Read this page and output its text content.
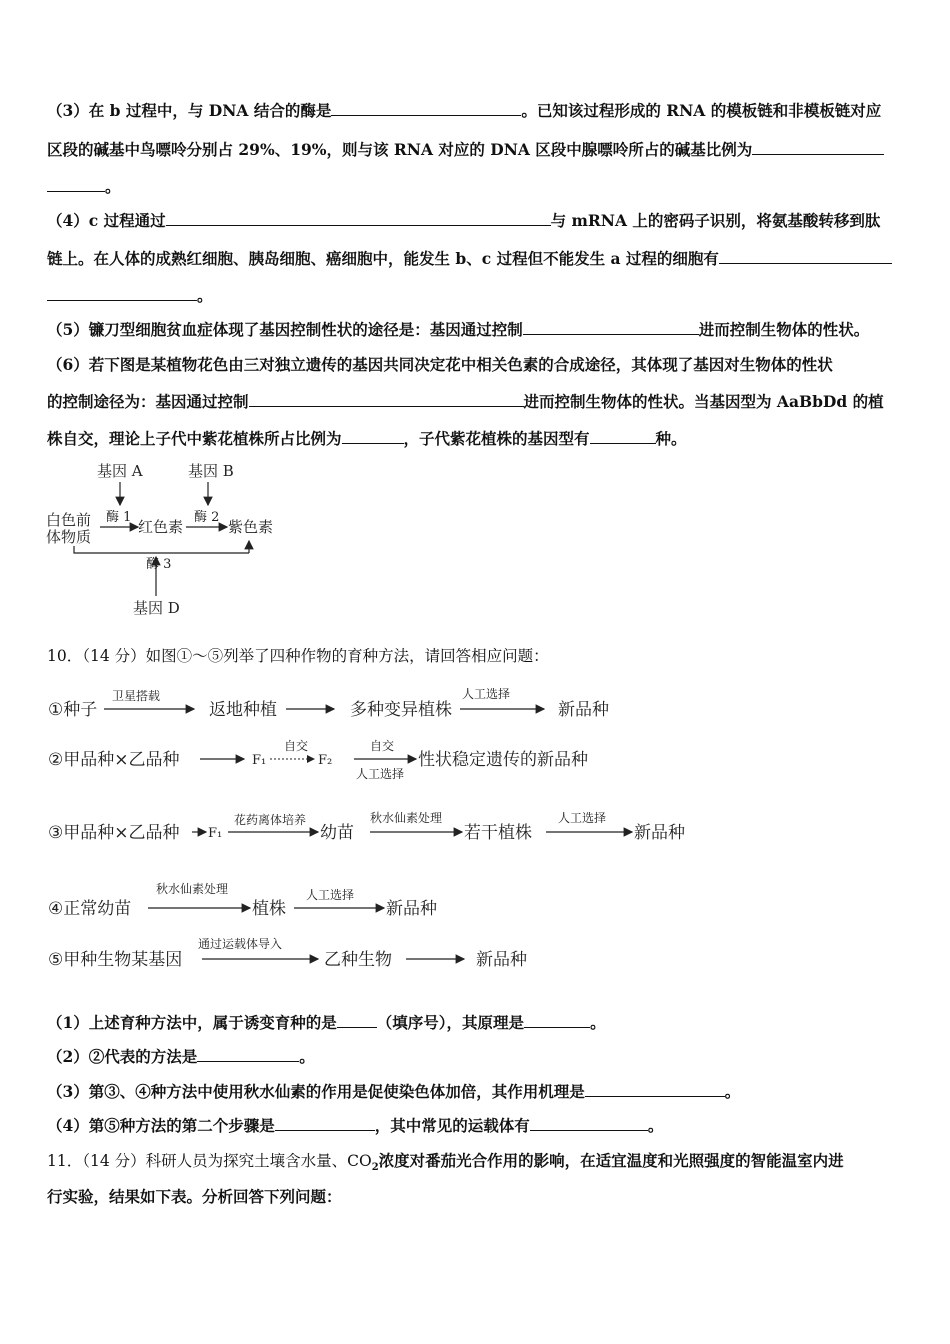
（3）在 b 过程中，与 DNA 结合的酶是	。已知该过程形成的 RNA 的模板链和非模板链对应
区段的碱基中鸟嘌呤分别占 29%、19%，则与该 RNA 对应的 DNA 区段中腺嘌呤所占的碱基比例为
。
（4）c 过程通过	与 mRNA 上的密码子识别，将氨基酸转移到肽
链上。在人体的成熟红细胞、胰岛细胞、癌细胞中，能发生 b、c 过程但不能发生 a 过程的细胞有
。
（5）镰刀型细胞贫血症体现了基因控制性状的途径是：基因通过控制	进而控制生物体的性状。
（6）若下图是某植物花色由三对独立遗传的基因共同决定花中相关色素的合成途径，其体现了基因对生物体的性状
的控制途径为：基因通过控制	进而控制生物体的性状。当基因型为 AaBbDd 的植
株自交，理论上子代中紫花植株所占比例为	，子代紫花植株的基因型有	种。
基因 A	基因 B
白色前
体物质
酶 1
红色素
酶 2
紫色素
酶 3
基因 D
10．（14 分）如图①～⑤列举了四种作物的育种方法，请回答相应问题：
①种子
卫星搭载
返地种植	多种变异植株
人工选择
新品种
②甲品种×乙品种	F₁
自交
F₂
自交
人工选择
性状稳定遗传的新品种
③甲品种×乙品种 F₁
花药离体培养
幼苗
秋水仙素处理
若干植株
人工选择
新品种
④正常幼苗
秋水仙素处理
植株
人工选择
新品种
⑤甲种生物某基因
通过运载体导入
乙种生物	新品种
（1）上述育种方法中，属于诱变育种的是	（填序号），其原理是	。
（2）②代表的方法是	。
（3）第③、④种方法中使用秋水仙素的作用是促使染色体加倍，其作用机理是	。
（4）第⑤种方法的第二个步骤是	，其中常见的运载体有	。
11．（14 分）科研人员为探究土壤含水量、$CO_2$浓度对番茄光合作用的影响，在适宜温度和光照强度的智能温室内进
行实验，结果如下表。分析回答下列问题：
